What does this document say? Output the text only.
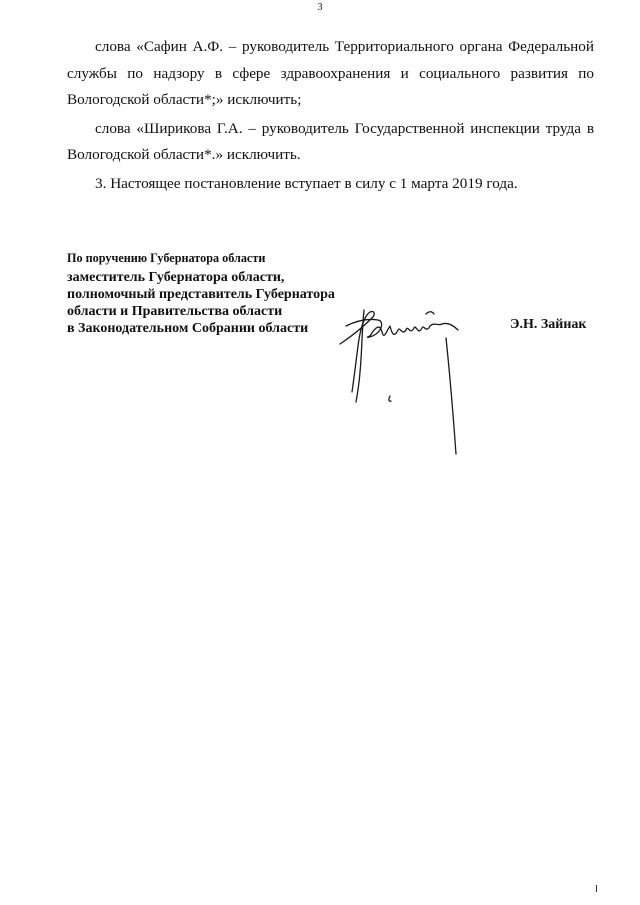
3

слова «Сафин А.Ф. – руководитель Территориального органа Федеральной службы по надзору в сфере здравоохранения и социального развития по Вологодской области*;» исключить;

слова «Ширикова Г.А. – руководитель Государственной инспекции труда в Вологодской области*.» исключить.

3. Настоящее постановление вступает в силу с 1 марта 2019 года.

По поручению Губернатора области
заместитель Губернатора области,
полномочный представитель Губернатора
области и Правительства области
в Законодательном Собрании области	Э.Н. Зайнак
